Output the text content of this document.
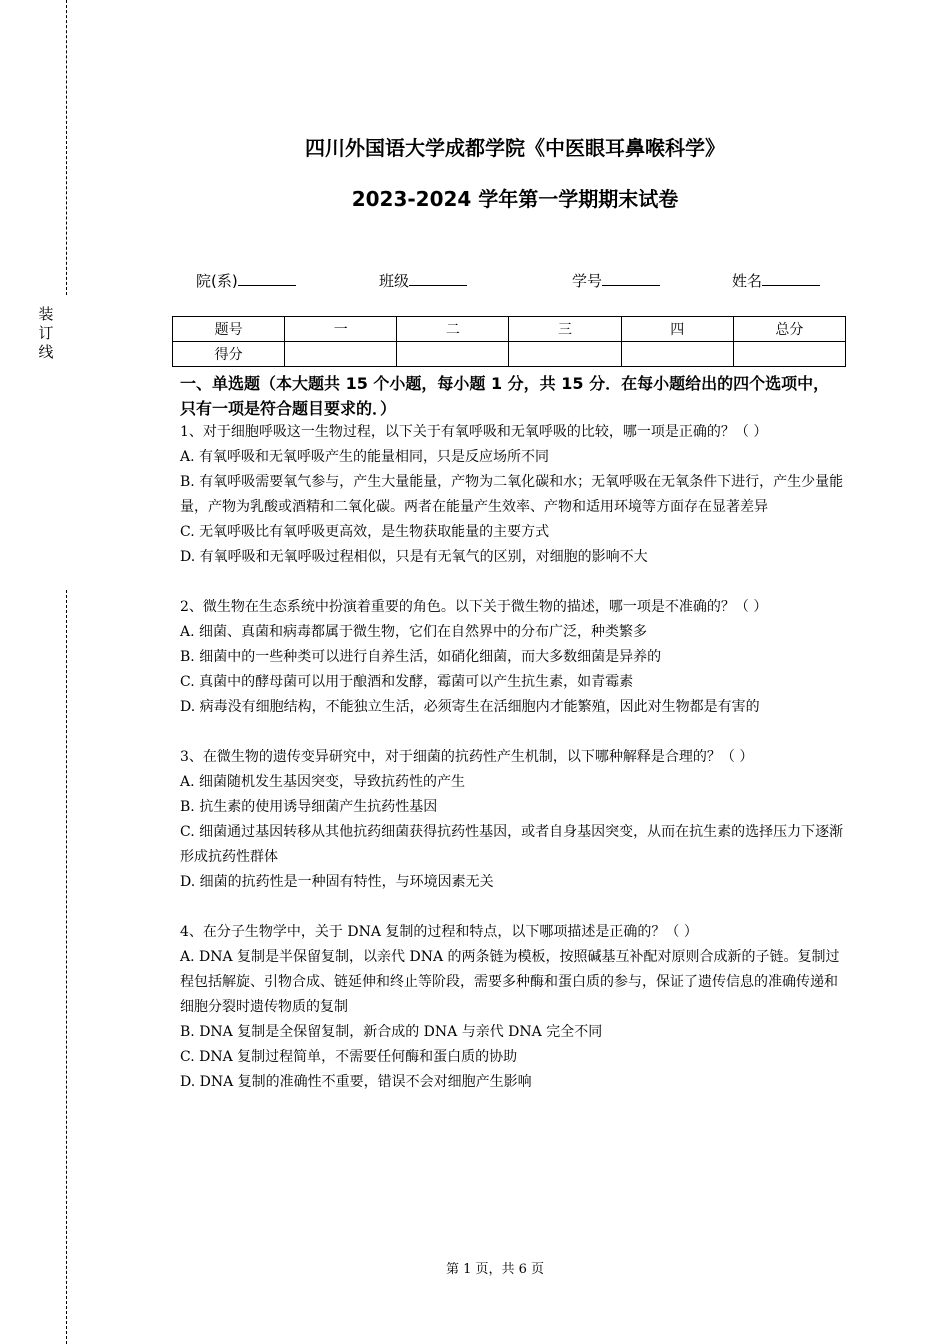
装
订
线
四川外国语大学成都学院《中医眼耳鼻喉科学》
2023-2024 学年第一学期期末试卷
院(系)	班级	学号	姓名
题号	一	二	三	四	总分
得分					
一、单选题（本大题共 15 个小题，每小题 1 分，共 15 分．在每小题给出的四个选项中，只有一项是符合题目要求的．）

1、对于细胞呼吸这一生物过程，以下关于有氧呼吸和无氧呼吸的比较，哪一项是正确的？（ ）

A. 有氧呼吸和无氧呼吸产生的能量相同，只是反应场所不同

B. 有氧呼吸需要氧气参与，产生大量能量，产物为二氧化碳和水；无氧呼吸在无氧条件下进行，产生少量能量，产物为乳酸或酒精和二氧化碳。两者在能量产生效率、产物和适用环境等方面存在显著差异

C. 无氧呼吸比有氧呼吸更高效，是生物获取能量的主要方式

D. 有氧呼吸和无氧呼吸过程相似，只是有无氧气的区别，对细胞的影响不大

2、微生物在生态系统中扮演着重要的角色。以下关于微生物的描述，哪一项是不准确的？（ ）

A. 细菌、真菌和病毒都属于微生物，它们在自然界中的分布广泛，种类繁多

B. 细菌中的一些种类可以进行自养生活，如硝化细菌，而大多数细菌是异养的

C. 真菌中的酵母菌可以用于酿酒和发酵，霉菌可以产生抗生素，如青霉素

D. 病毒没有细胞结构，不能独立生活，必须寄生在活细胞内才能繁殖，因此对生物都是有害的

3、在微生物的遗传变异研究中，对于细菌的抗药性产生机制，以下哪种解释是合理的？（ ）

A. 细菌随机发生基因突变，导致抗药性的产生

B. 抗生素的使用诱导细菌产生抗药性基因

C. 细菌通过基因转移从其他抗药细菌获得抗药性基因，或者自身基因突变，从而在抗生素的选择压力下逐渐形成抗药性群体

D. 细菌的抗药性是一种固有特性，与环境因素无关

4、在分子生物学中，关于 DNA 复制的过程和特点，以下哪项描述是正确的？（ ）

A. DNA 复制是半保留复制，以亲代 DNA 的两条链为模板，按照碱基互补配对原则合成新的子链。复制过程包括解旋、引物合成、链延伸和终止等阶段，需要多种酶和蛋白质的参与，保证了遗传信息的准确传递和细胞分裂时遗传物质的复制

B. DNA 复制是全保留复制，新合成的 DNA 与亲代 DNA 完全不同

C. DNA 复制过程简单，不需要任何酶和蛋白质的协助

D. DNA 复制的准确性不重要，错误不会对细胞产生影响

第 1 页，共 6 页
